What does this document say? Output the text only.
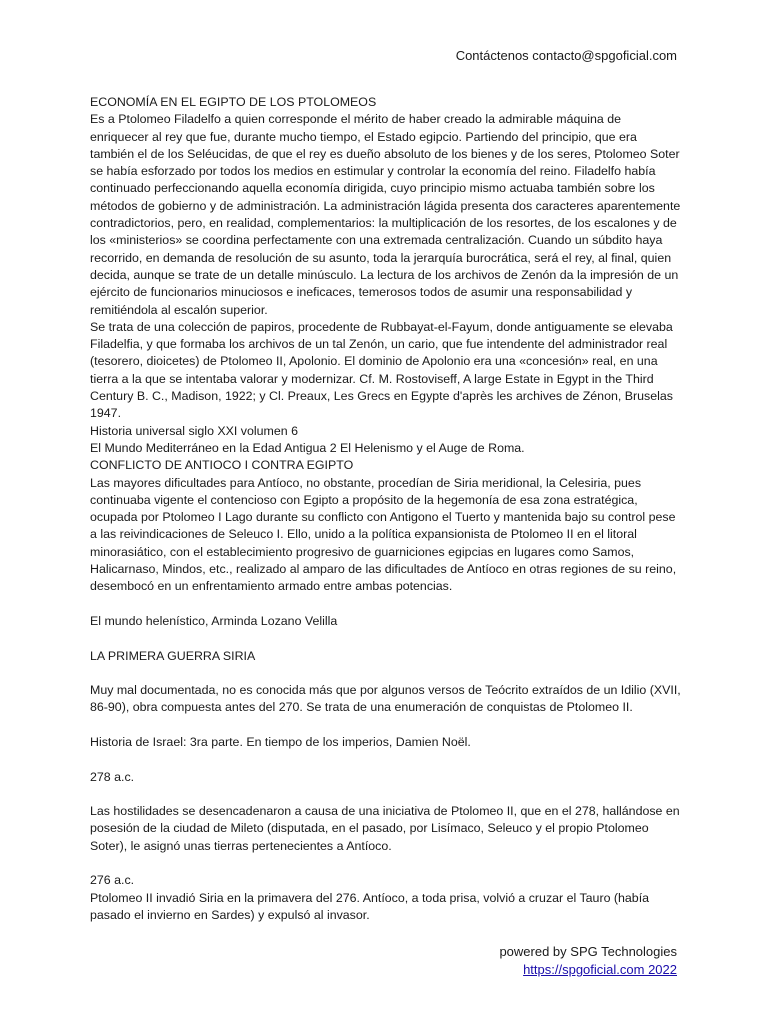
Contáctenos contacto@spgoficial.com

ECONOMÍA EN EL EGIPTO DE LOS PTOLOMEOS

Es a Ptolomeo Filadelfo a quien corresponde el mérito de haber creado la admirable máquina de enriquecer al rey que fue, durante mucho tiempo, el Estado egipcio. Partiendo del principio, que era también el de los Seléucidas, de que el rey es dueño absoluto de los bienes y de los seres, Ptolomeo Soter se había esforzado por todos los medios en estimular y controlar la economía del reino. Filadelfo había continuado perfeccionando aquella economía dirigida, cuyo principio mismo actuaba también sobre los métodos de gobierno y de administración. La administración lágida presenta dos caracteres aparentemente contradictorios, pero, en realidad, complementarios: la multiplicación de los resortes, de los escalones y de los «ministerios» se coordina perfectamente con una extremada centralización. Cuando un súbdito haya recorrido, en demanda de resolución de su asunto, toda la jerarquía burocrática, será el rey, al final, quien decida, aunque se trate de un detalle minúsculo. La lectura de los archivos de Zenón da la impresión de un ejército de funcionarios minuciosos e ineficaces, temerosos todos de asumir una responsabilidad y remitiéndola al escalón superior.

Se trata de una colección de papiros, procedente de Rubbayat-el-Fayum, donde antiguamente se elevaba Filadelfia, y que formaba los archivos de un tal Zenón, un cario, que fue intendente del administrador real (tesorero, dioicetes) de Ptolomeo II, Apolonio. El dominio de Apolonio era una «concesión» real, en una tierra a la que se intentaba valorar y modernizar. Cf. M. Rostoviseff, A large Estate in Egypt in the Third Century B. C., Madison, 1922; y Cl. Preaux, Les Grecs en Egypte d'après les archives de Zénon, Bruselas 1947.

Historia universal siglo XXI volumen 6

El Mundo Mediterráneo en la Edad Antigua 2 El Helenismo y el Auge de Roma.

CONFLICTO DE ANTIOCO I CONTRA EGIPTO

Las mayores dificultades para Antíoco, no obstante, procedían de Siria meridional, la Celesiria, pues continuaba vigente el contencioso con Egipto a propósito de la hegemonía de esa zona estratégica, ocupada por Ptolomeo I Lago durante su conflicto con Antigono el Tuerto y mantenida bajo su control pese a las reivindicaciones de Seleuco I. Ello, unido a la política expansionista de Ptolomeo II en el litoral minorasiático, con el establecimiento progresivo de guarniciones egipcias en lugares como Samos, Halicarnaso, Mindos, etc., realizado al amparo de las dificultades de Antíoco en otras regiones de su reino, desembocó en un enfrentamiento armado entre ambas potencias.

El mundo helenístico, Arminda Lozano Velilla

LA PRIMERA GUERRA SIRIA

Muy mal documentada, no es conocida más que por algunos versos de Teócrito extraídos de un Idilio (XVII, 86-90), obra compuesta antes del 270. Se trata de una enumeración de conquistas de Ptolomeo II.

Historia de Israel: 3ra parte. En tiempo de los imperios, Damien Noël.

278 a.c.

Las hostilidades se desencadenaron a causa de una iniciativa de Ptolomeo II, que en el 278, hallándose en posesión de la ciudad de Mileto (disputada, en el pasado, por Lisímaco, Seleuco y el propio Ptolomeo Soter), le asignó unas tierras pertenecientes a Antíoco.

276 a.c.

Ptolomeo II invadió Siria en la primavera del 276. Antíoco, a toda prisa, volvió a cruzar el Tauro (había pasado el invierno en Sardes) y expulsó al invasor.

powered by SPG Technologies
https://spgoficial.com 2022
